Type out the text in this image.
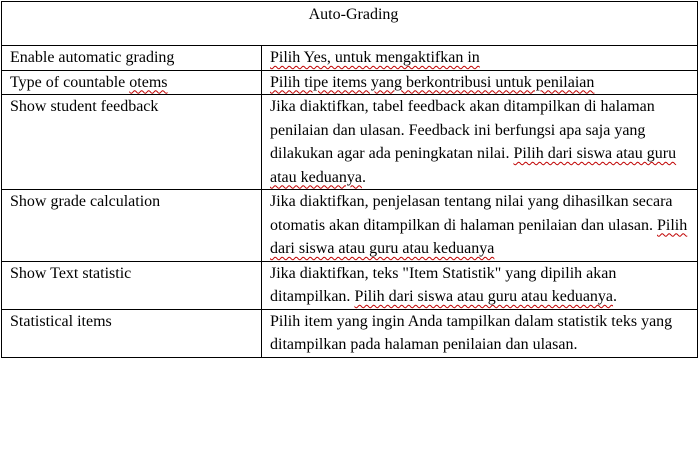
Auto-Grading	
Enable automatic grading	Pilih Yes, untuk mengaktifkan in
Type of countable otems	Pilih tipe items yang berkontribusi untuk penilaian
Show student feedback	Jika diaktifkan, tabel feedback akan ditampilkan di halaman penilaian dan ulasan. Feedback ini berfungsi apa saja yang dilakukan agar ada peningkatan nilai. Pilih dari siswa atau guru atau keduanya.
Show grade calculation	Jika diaktifkan, penjelasan tentang nilai yang dihasilkan secara otomatis akan ditampilkan di halaman penilaian dan ulasan. Pilih dari siswa atau guru atau keduanya
Show Text statistic	Jika diaktifkan, teks "Item Statistik" yang dipilih akan ditampilkan. Pilih dari siswa atau guru atau keduanya.
Statistical items	Pilih item yang ingin Anda tampilkan dalam statistik teks yang ditampilkan pada halaman penilaian dan ulasan.
